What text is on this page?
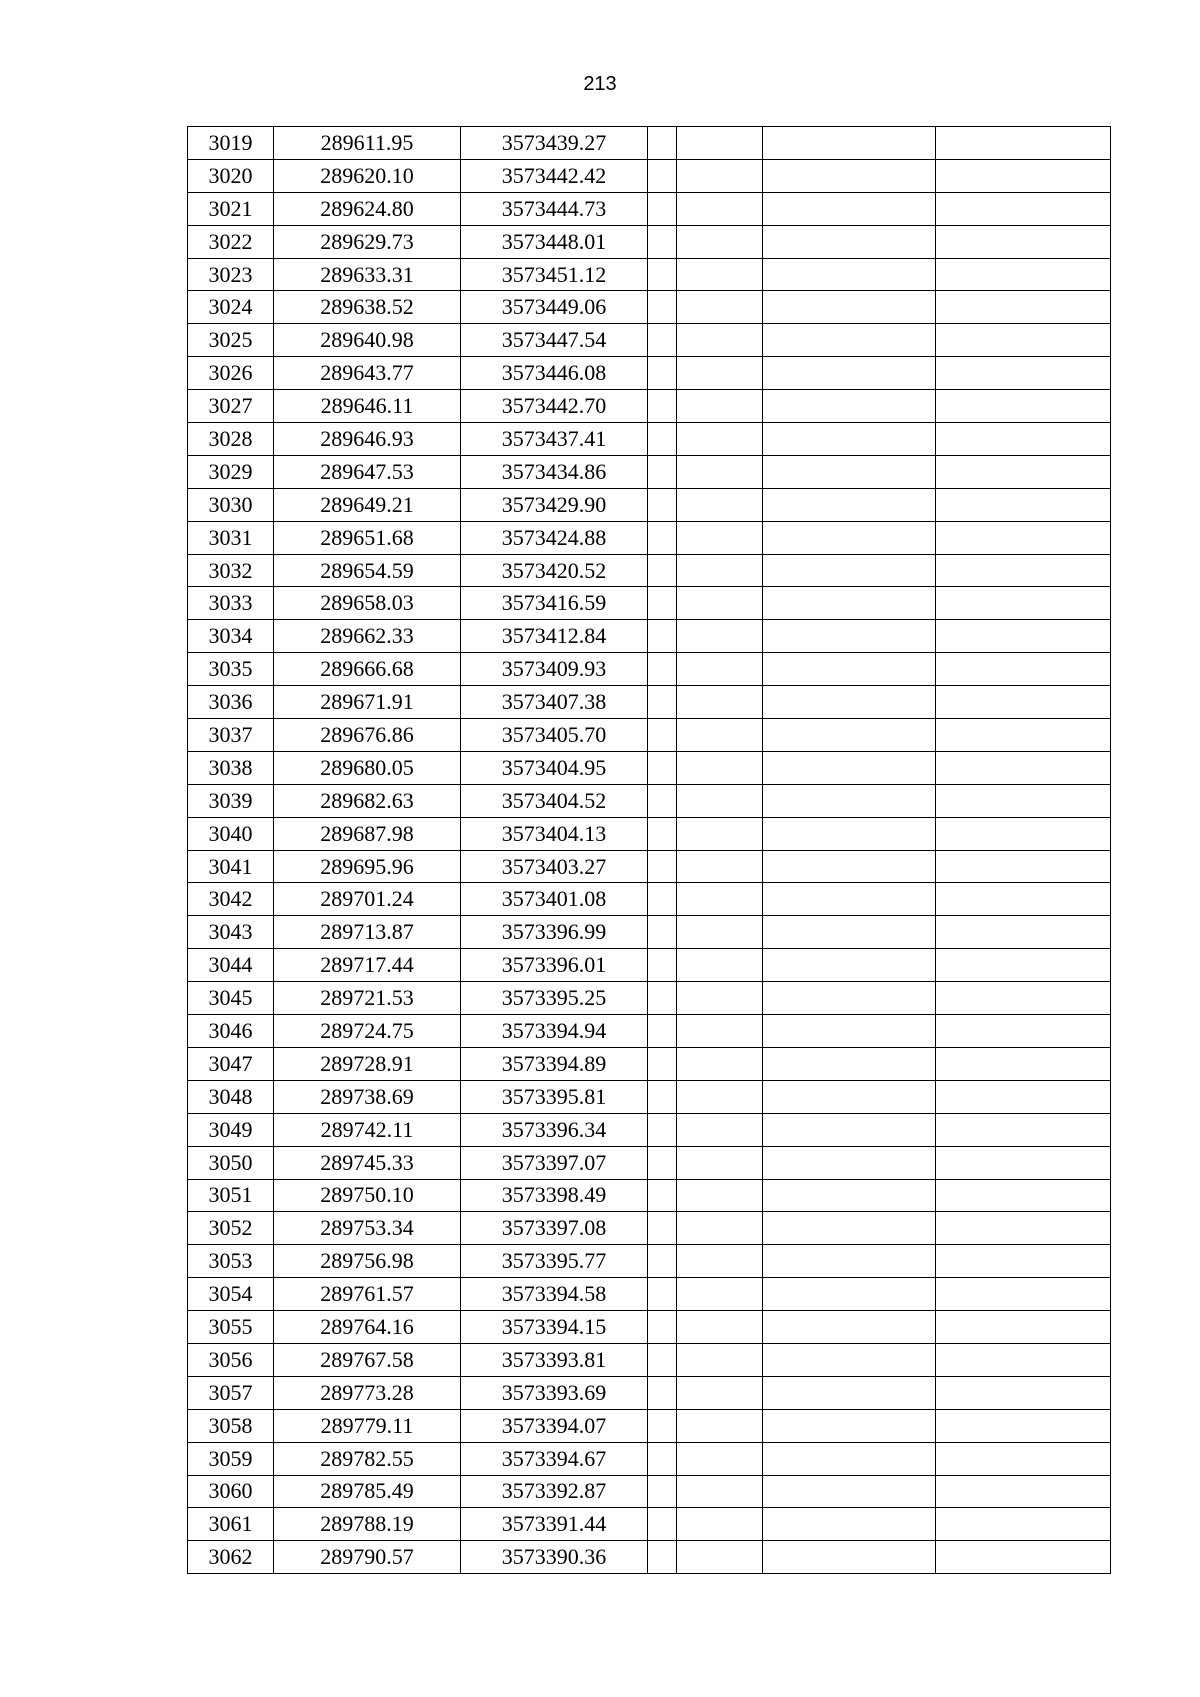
213
3019	289611.95	3573439.27				
3020	289620.10	3573442.42				
3021	289624.80	3573444.73				
3022	289629.73	3573448.01				
3023	289633.31	3573451.12				
3024	289638.52	3573449.06				
3025	289640.98	3573447.54				
3026	289643.77	3573446.08				
3027	289646.11	3573442.70				
3028	289646.93	3573437.41				
3029	289647.53	3573434.86				
3030	289649.21	3573429.90				
3031	289651.68	3573424.88				
3032	289654.59	3573420.52				
3033	289658.03	3573416.59				
3034	289662.33	3573412.84				
3035	289666.68	3573409.93				
3036	289671.91	3573407.38				
3037	289676.86	3573405.70				
3038	289680.05	3573404.95				
3039	289682.63	3573404.52				
3040	289687.98	3573404.13				
3041	289695.96	3573403.27				
3042	289701.24	3573401.08				
3043	289713.87	3573396.99				
3044	289717.44	3573396.01				
3045	289721.53	3573395.25				
3046	289724.75	3573394.94				
3047	289728.91	3573394.89				
3048	289738.69	3573395.81				
3049	289742.11	3573396.34				
3050	289745.33	3573397.07				
3051	289750.10	3573398.49				
3052	289753.34	3573397.08				
3053	289756.98	3573395.77				
3054	289761.57	3573394.58				
3055	289764.16	3573394.15				
3056	289767.58	3573393.81				
3057	289773.28	3573393.69				
3058	289779.11	3573394.07				
3059	289782.55	3573394.67				
3060	289785.49	3573392.87				
3061	289788.19	3573391.44				
3062	289790.57	3573390.36				
